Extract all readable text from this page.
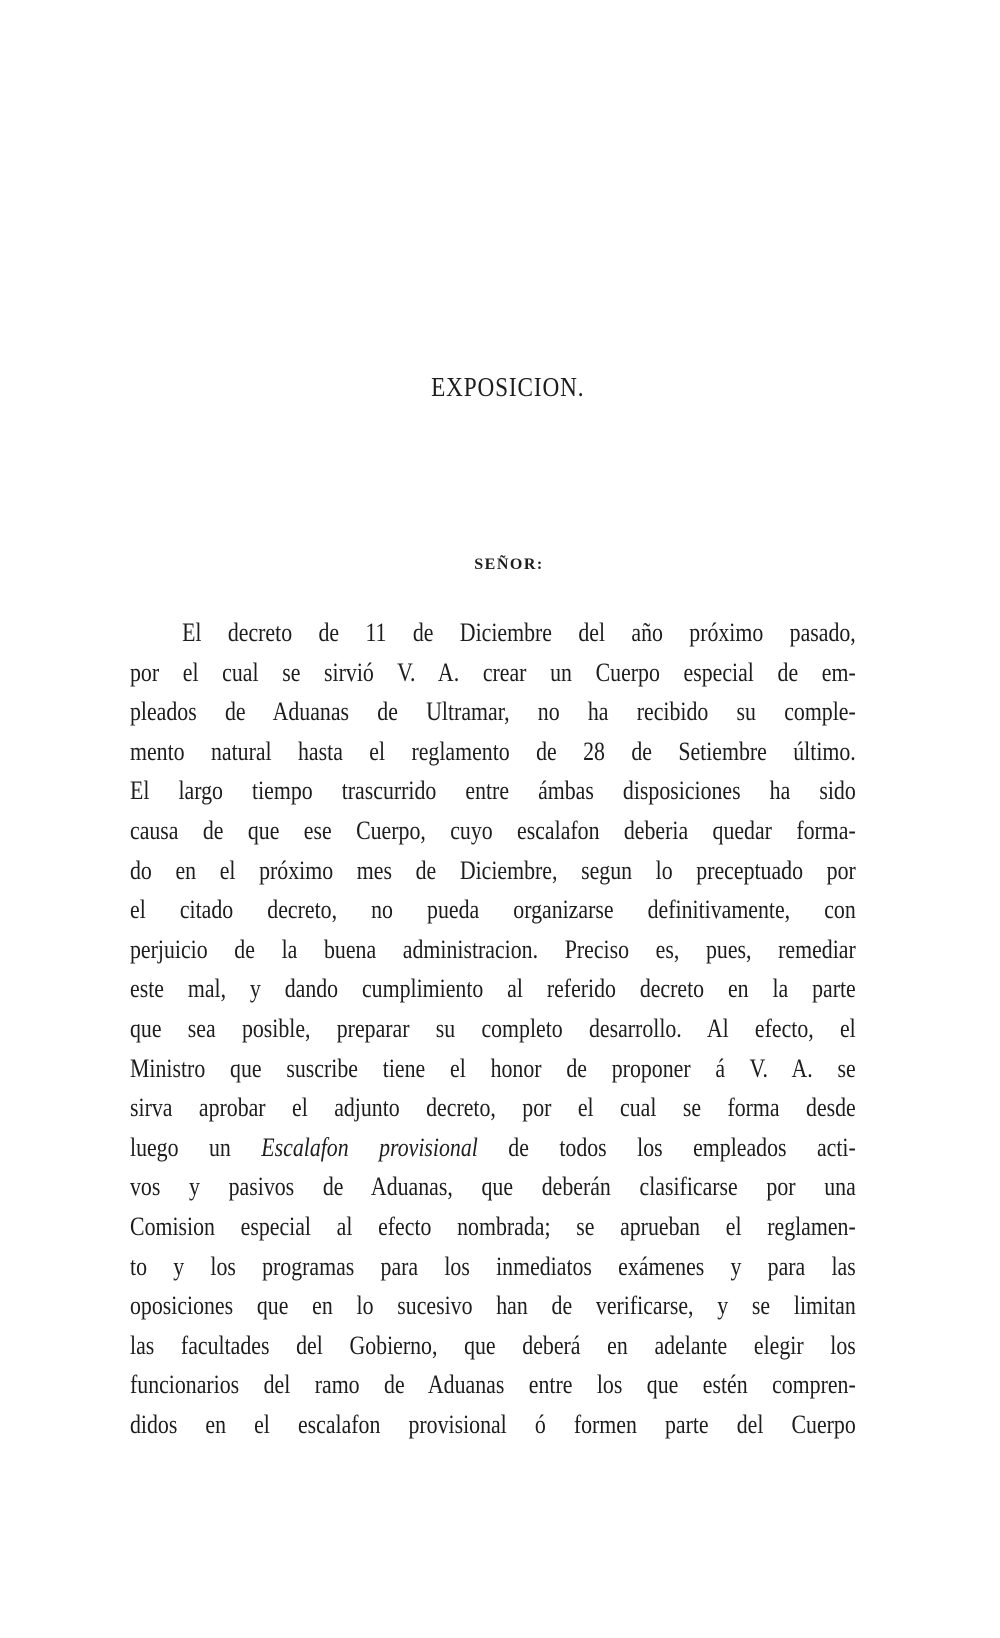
EXPOSICION.
SEÑOR:
El decreto de 11 de Diciembre del año próximo pasado,
por el cual se sirvió V. A. crear un Cuerpo especial de em-
pleados de Aduanas de Ultramar, no ha recibido su comple-
mento natural hasta el reglamento de 28 de Setiembre último.
El largo tiempo trascurrido entre ámbas disposiciones ha sido
causa de que ese Cuerpo, cuyo escalafon deberia quedar forma-
do en el próximo mes de Diciembre, segun lo preceptuado por
el citado decreto, no pueda organizarse definitivamente, con
perjuicio de la buena administracion. Preciso es, pues, remediar
este mal, y dando cumplimiento al referido decreto en la parte
que sea posible, preparar su completo desarrollo. Al efecto, el
Ministro que suscribe tiene el honor de proponer á V. A. se
sirva aprobar el adjunto decreto, por el cual se forma desde
luego un Escalafon provisional de todos los empleados acti-
vos y pasivos de Aduanas, que deberán clasificarse por una
Comision especial al efecto nombrada; se aprueban el reglamen-
to y los programas para los inmediatos exámenes y para las
oposiciones que en lo sucesivo han de verificarse, y se limitan
las facultades del Gobierno, que deberá en adelante elegir los
funcionarios del ramo de Aduanas entre los que estén compren-
didos en el escalafon provisional ó formen parte del Cuerpo
